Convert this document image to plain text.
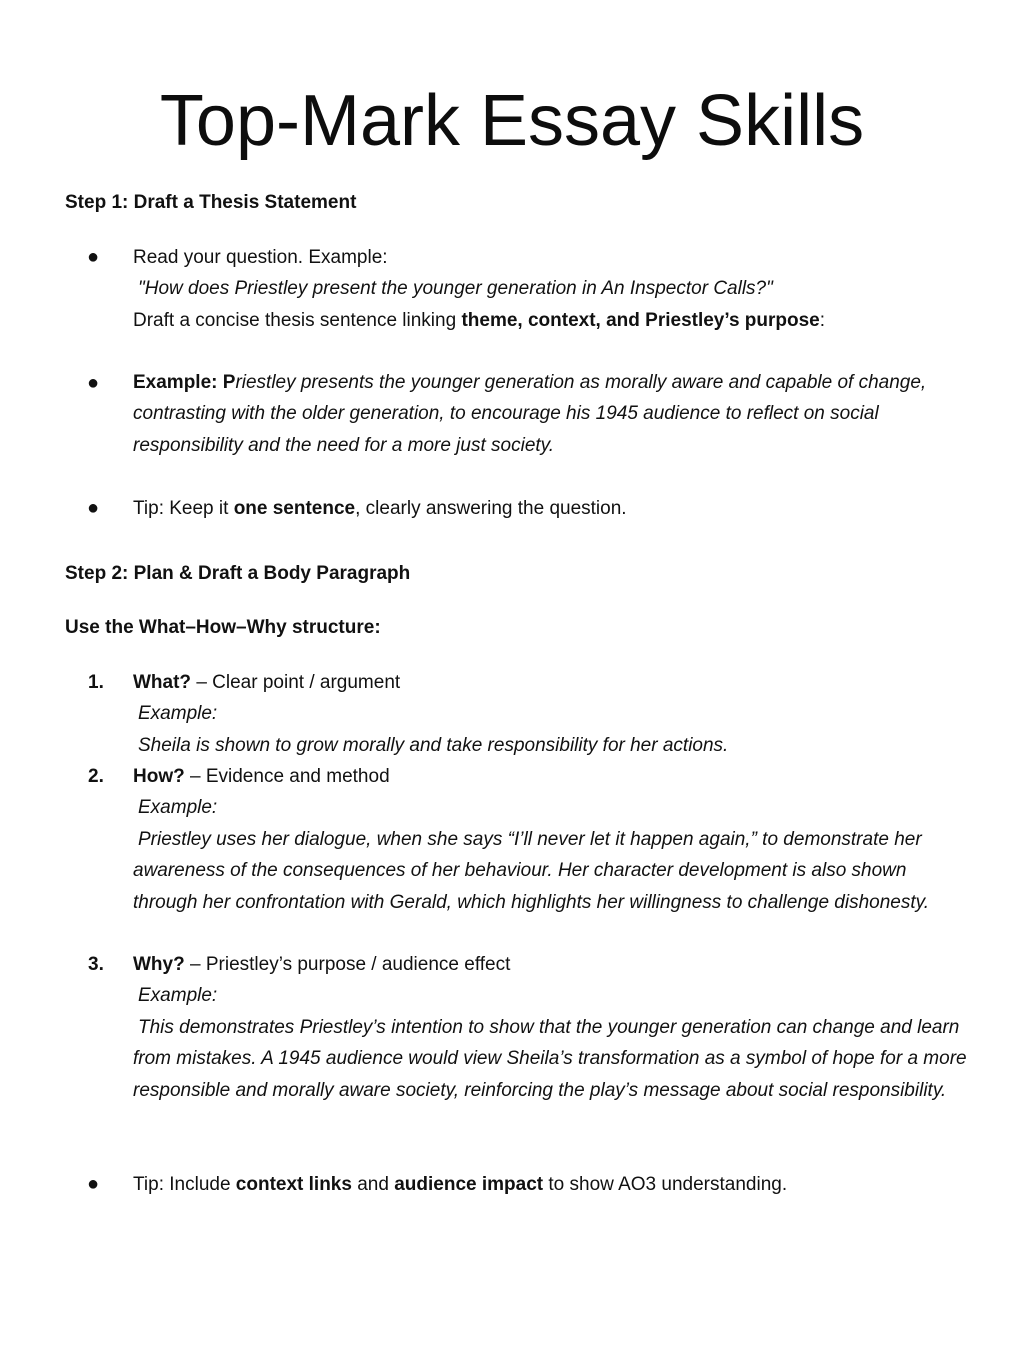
Top-Mark Essay Skills
Step 1: Draft a Thesis Statement
● Read your question. Example:

"How does Priestley present the younger generation in An Inspector Calls?"

Draft a concise thesis sentence linking theme, context, and Priestley’s purpose:

● Example: Priestley presents the younger generation as morally aware and capable of change, contrasting with the older generation, to encourage his 1945 audience to reflect on social responsibility and the need for a more just society.

● Tip: Keep it one sentence, clearly answering the question.

Step 2: Plan & Draft a Body Paragraph
Use the What–How–Why structure:
1. What? – Clear point / argument

Example:

Sheila is shown to grow morally and take responsibility for her actions.

2. How? – Evidence and method

Example:

Priestley uses her dialogue, when she says “I’ll never let it happen again,” to demonstrate her awareness of the consequences of her behaviour. Her character development is also shown through her confrontation with Gerald, which highlights her willingness to challenge dishonesty.

3. Why? – Priestley’s purpose / audience effect

Example:

This demonstrates Priestley’s intention to show that the younger generation can change and learn from mistakes. A 1945 audience would view Sheila’s transformation as a symbol of hope for a more responsible and morally aware society, reinforcing the play’s message about social responsibility.

● Tip: Include context links and audience impact to show AO3 understanding.
